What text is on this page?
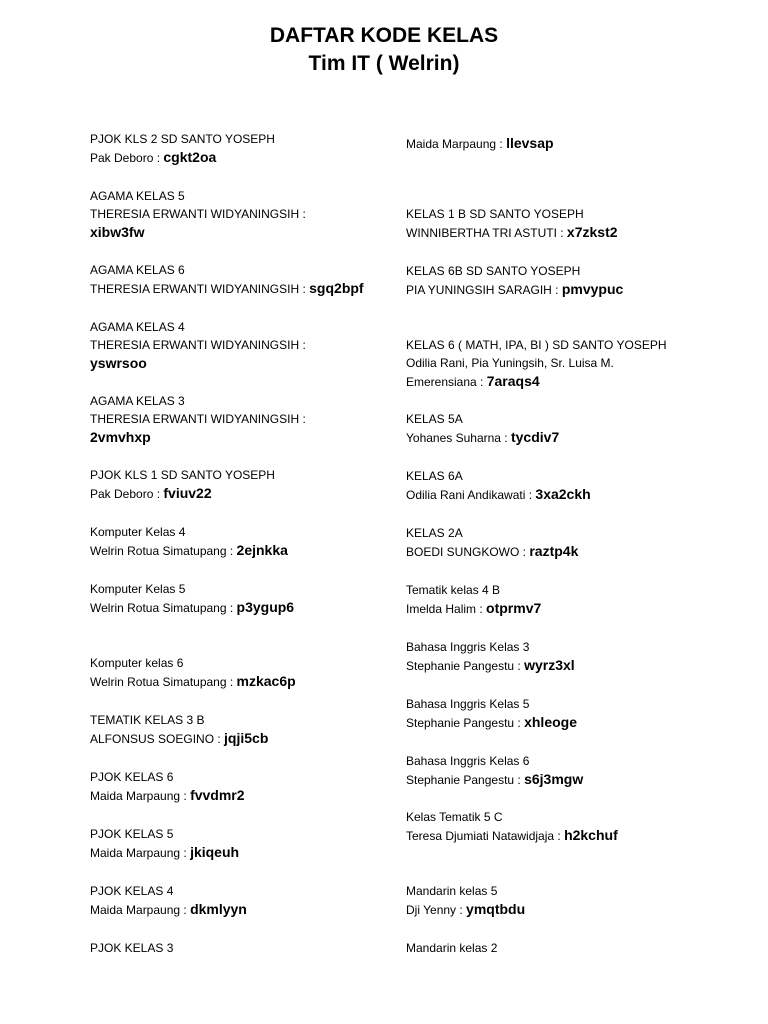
DAFTAR KODE KELAS
Tim IT ( Welrin)
PJOK KLS 2 SD SANTO YOSEPH
Pak Deboro : cgkt2oa
AGAMA KELAS 5
THERESIA ERWANTI WIDYANINGSIH :
xibw3fw
AGAMA KELAS 6
THERESIA ERWANTI WIDYANINGSIH : sgq2bpf
AGAMA KELAS 4
THERESIA ERWANTI WIDYANINGSIH :
yswrsoo
AGAMA KELAS 3
THERESIA ERWANTI WIDYANINGSIH :
2vmvhxp
PJOK KLS 1 SD SANTO YOSEPH
Pak Deboro : fviuv22
Komputer Kelas 4
Welrin Rotua Simatupang : 2ejnkka
Komputer Kelas 5
Welrin Rotua Simatupang : p3ygup6
Komputer kelas 6
Welrin Rotua Simatupang : mzkac6p
TEMATIK KELAS 3 B
ALFONSUS SOEGINO : jqji5cb
PJOK KELAS 6
Maida Marpaung : fvvdmr2
PJOK KELAS 5
Maida Marpaung : jkiqeuh
PJOK KELAS 4
Maida Marpaung : dkmlyyn
PJOK KELAS 3
Maida Marpaung : llevsap
KELAS 1 B SD SANTO YOSEPH
WINNIBERTHA TRI ASTUTI : x7zkst2
KELAS 6B SD SANTO YOSEPH
PIA YUNINGSIH SARAGIH : pmvypuc
KELAS 6 ( MATH, IPA, BI ) SD SANTO YOSEPH
Odilia Rani, Pia Yuningsih, Sr. Luisa M.
Emerensiana : 7araqs4
KELAS 5A
Yohanes Suharna : tycdiv7
KELAS 6A
Odilia Rani Andikawati : 3xa2ckh
KELAS 2A
BOEDI SUNGKOWO : raztp4k
Tematik kelas 4 B
Imelda Halim : otprmv7
Bahasa Inggris Kelas 3
Stephanie Pangestu : wyrz3xl
Bahasa Inggris Kelas 5
Stephanie Pangestu : xhleoge
Bahasa Inggris Kelas 6
Stephanie Pangestu : s6j3mgw
Kelas Tematik 5 C
Teresa Djumiati Natawidjaja : h2kchuf
Mandarin kelas 5
Dji Yenny : ymqtbdu
Mandarin kelas 2
